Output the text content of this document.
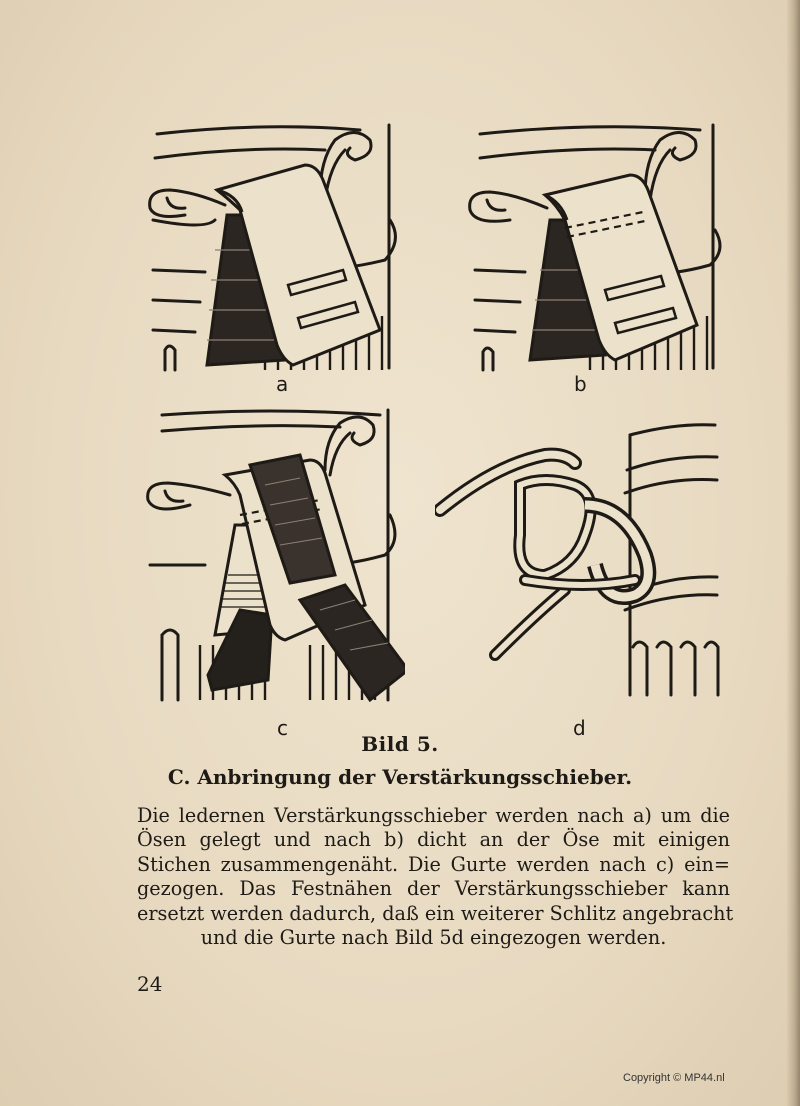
a	b
c	d
Bild 5.
C. Anbringung der Verstärkungsschieber.
Die ledernen Verstärkungsschieber werden nach a) um die
Ösen gelegt und nach b) dicht an der Öse mit einigen
Stichen zusammengenäht. Die Gurte werden nach c) ein=
gezogen. Das Festnähen der Verstärkungsschieber kann
ersetzt werden dadurch, daß ein weiterer Schlitz angebracht
und die Gurte nach Bild 5d eingezogen werden.
24
Copyright © MP44.nl
